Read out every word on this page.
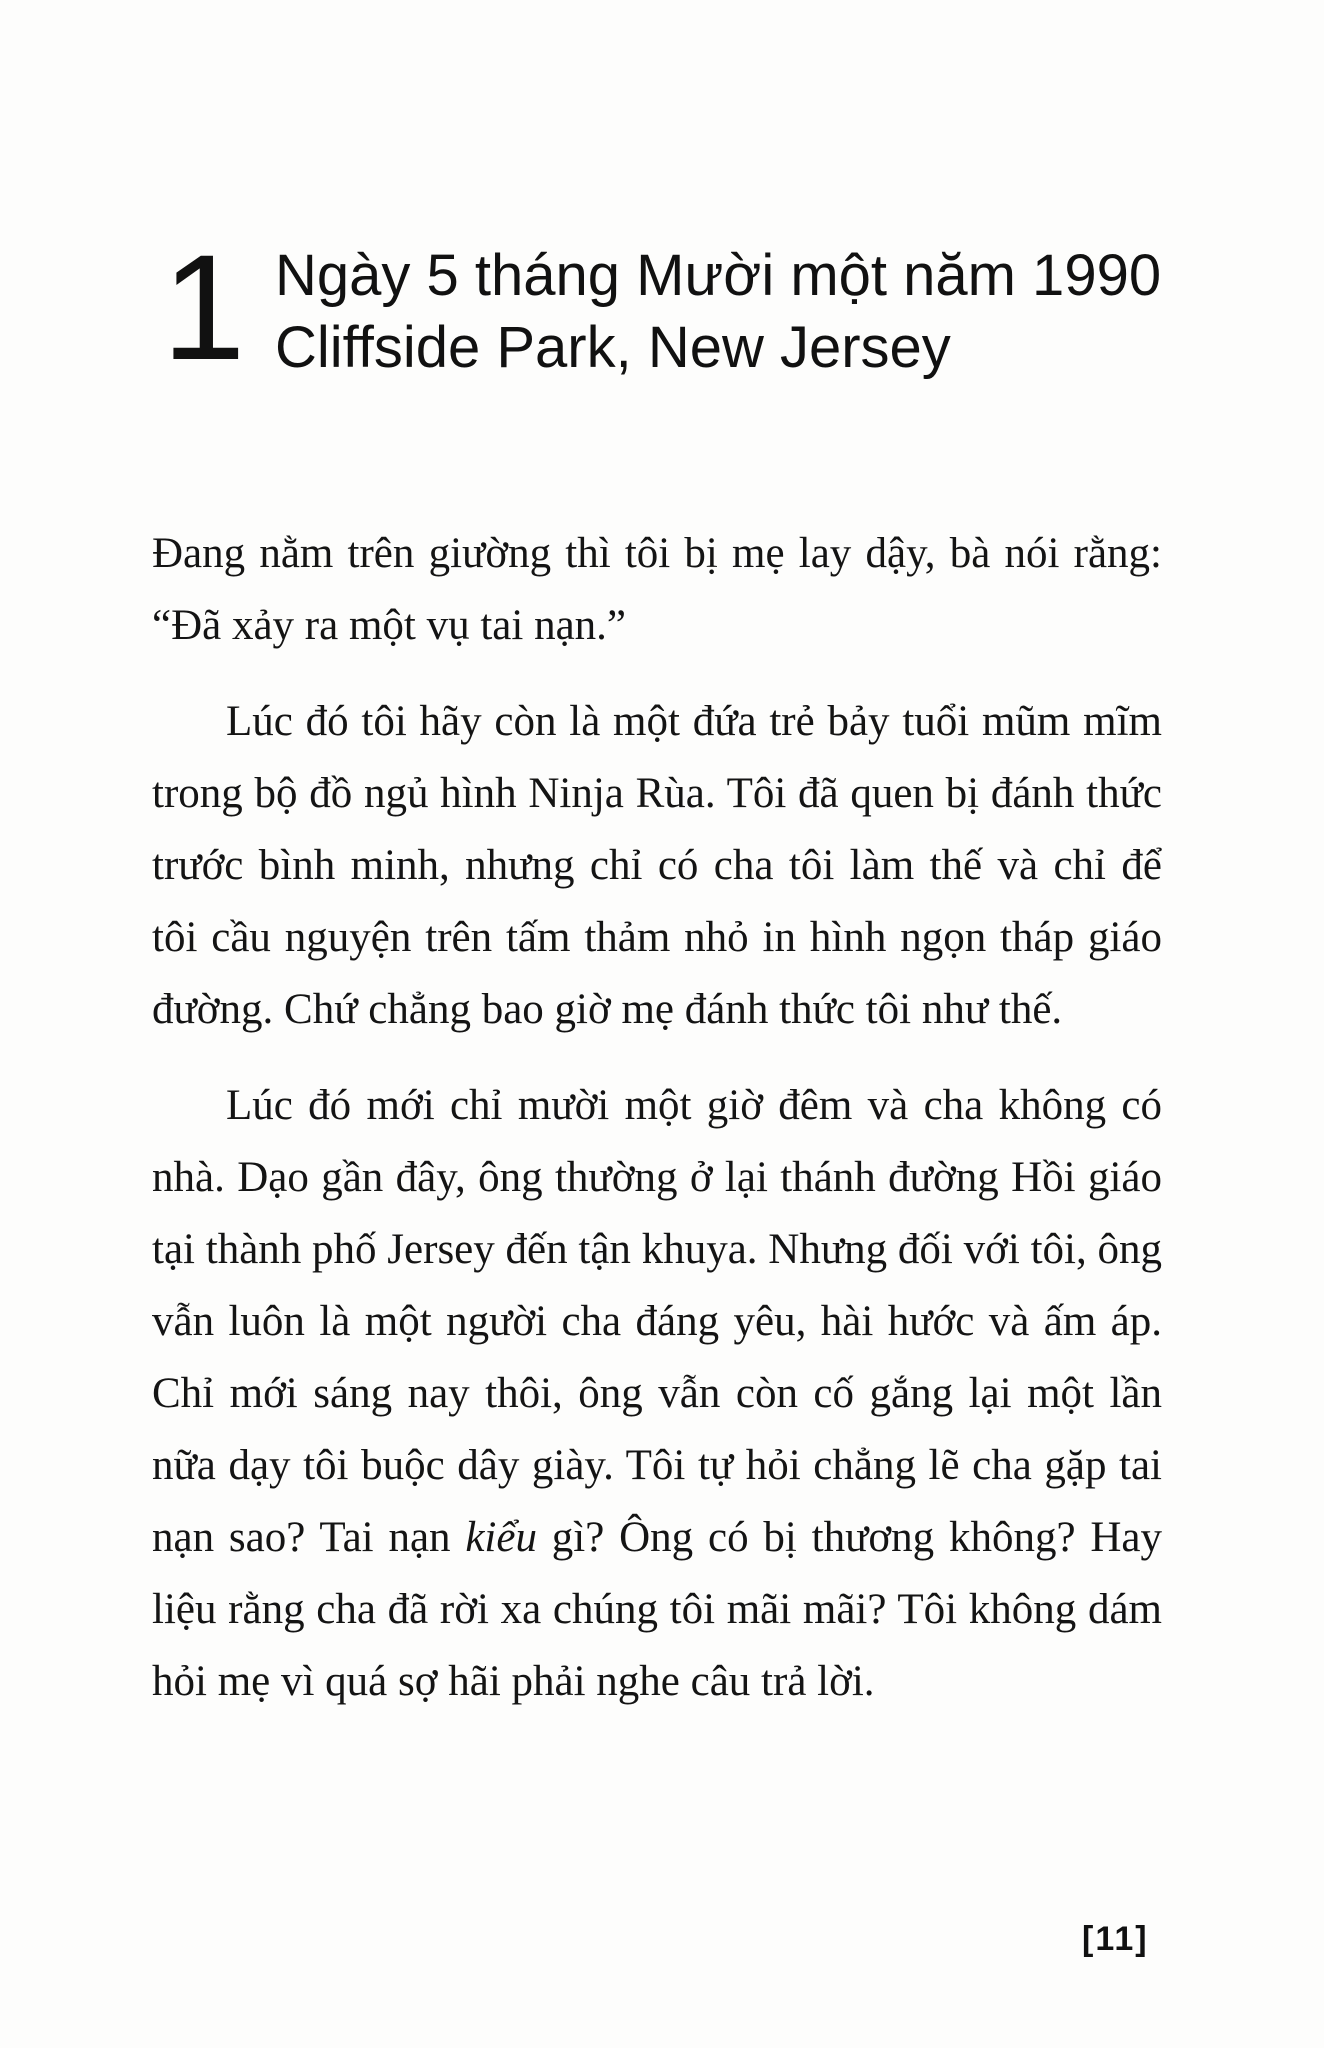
1 Ngày 5 tháng Mười một năm 1990
Cliffside Park, New Jersey

Đang nằm trên giường thì tôi bị mẹ lay dậy, bà nói rằng: “Đã xảy ra một vụ tai nạn.”

Lúc đó tôi hãy còn là một đứa trẻ bảy tuổi mũm mĩm trong bộ đồ ngủ hình Ninja Rùa. Tôi đã quen bị đánh thức trước bình minh, nhưng chỉ có cha tôi làm thế và chỉ để tôi cầu nguyện trên tấm thảm nhỏ in hình ngọn tháp giáo đường. Chứ chẳng bao giờ mẹ đánh thức tôi như thế.

Lúc đó mới chỉ mười một giờ đêm và cha không có nhà. Dạo gần đây, ông thường ở lại thánh đường Hồi giáo tại thành phố Jersey đến tận khuya. Nhưng đối với tôi, ông vẫn luôn là một người cha đáng yêu, hài hước và ấm áp. Chỉ mới sáng nay thôi, ông vẫn còn cố gắng lại một lần nữa dạy tôi buộc dây giày. Tôi tự hỏi chẳng lẽ cha gặp tai nạn sao? Tai nạn kiểu gì? Ông có bị thương không? Hay liệu rằng cha đã rời xa chúng tôi mãi mãi? Tôi không dám hỏi mẹ vì quá sợ hãi phải nghe câu trả lời.

[11]
